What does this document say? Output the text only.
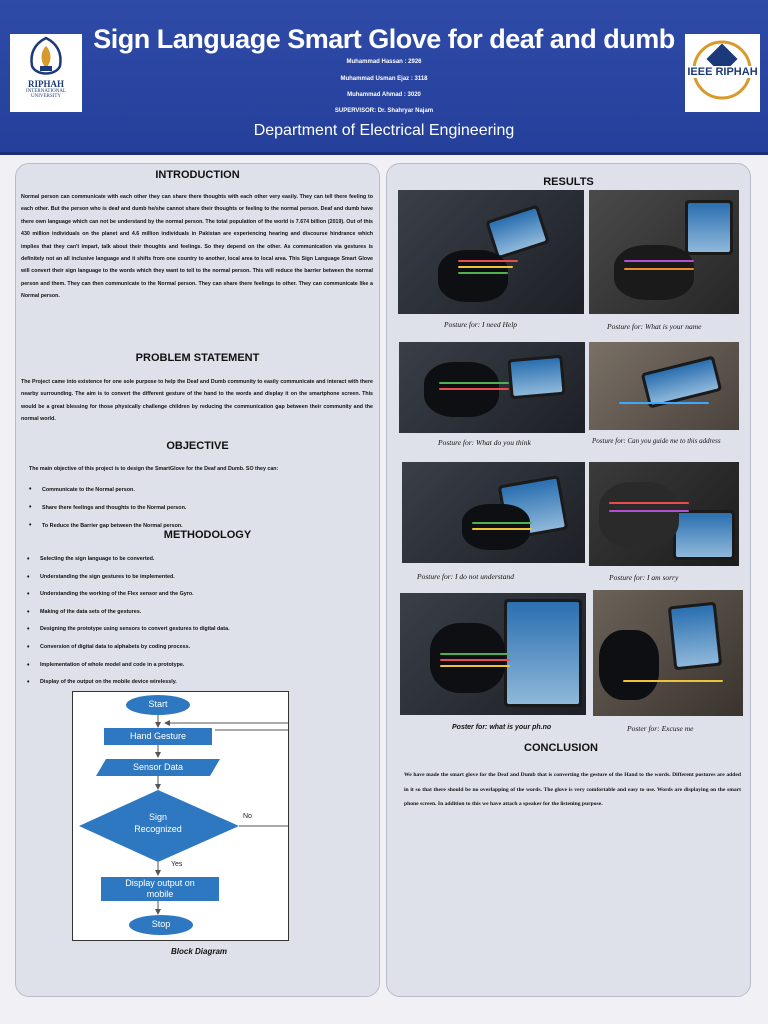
RIPHAH
INTERNATIONAL
UNIVERSITY
Sign Language Smart Glove for deaf and dumb
Muhammad Hassan : 2926
Muhammad Usman Ejaz : 3118
Muhammad Ahmad : 3020
SUPERVISOR: Dr. Shahryar Najam
Department of Electrical Engineering
IEEE RIPHAH
INTRODUCTION
Normal person can communicate with each other they can share there thoughts with each other very easily. They can tell there feeling to each other. But the person who is deaf and dumb he/she cannot share their thoughts or feeling to the normal person. Deaf and dumb have there own language which can not be understand by the normal person. The total population of the world is 7.674 billion (2019). Out of this 430 million individuals on the planet and 4.6 million individuals in Pakistan are experiencing hearing and discourse hindrance which implies that they can't impart, talk about their thoughts and feelings. So they depend on the other. As communication via gestures is definitely not an all inclusive language and it shifts from one country to another, local area to local area. This Sign Language Smart Glove will convert their sign language to the words which they want to tell to the normal person. This will reduce the barrier between the normal person and them. They can then communicate to the Normal person. They can share there feelings to other. They can communicate like a Normal person.
PROBLEM STATEMENT
The Project came into existence for one sole purpose to help the Deaf and Dumb community to easily communicate and interact with there nearby surrounding. The aim is to convert the different gesture of the hand to the words and display it on the smartphone screen. This would be a great blessing for those physically challenge children by reducing the communication gap between their community and the normal world.
OBJECTIVE
The main objective of this project is to design the SmartGlove for the Deaf and Dumb. SO they can:
• Communicate to the Normal person.
• Share there feelings and thoughts to the Normal person.
• To Reduce the Barrier gap between the Normal person.
METHODOLOGY
• Selecting the sign language to be converted.
• Understanding the sign gestures to be implemented.
• Understanding the working of the Flex sensor and the Gyro.
• Making of the data sets of the gestures.
• Designing the prototype using sensors to convert gestures to digital data.
• Conversion of digital data to alphabets by coding process.
• Implementation of whole model and code in a prototype.
• Display of the output on the mobile device wirelessly.
Start
Hand Gesture
Sensor Data
Sign
Recognized
No
Yes
Display output on
mobile
Stop
Block Diagram
RESULTS
Posture for: I need Help	Posture for: What is your name
Posture for: What do you think	Posture for: Can you guide me to this address
Posture for: I do not understand	Posture for: I am sorry
Poster for: what is your ph.no	Poster for: Excuse me
CONCLUSION
We have made the smart glove for the Deaf and Dumb that is converting the gesture of the Hand to the words. Different postures are added in it so that there should be no overlapping of the words. The glove is very comfortable and easy to use. Words are displaying on the smart phone screen. In addition to this we have attach a speaker for the listening purpose.
